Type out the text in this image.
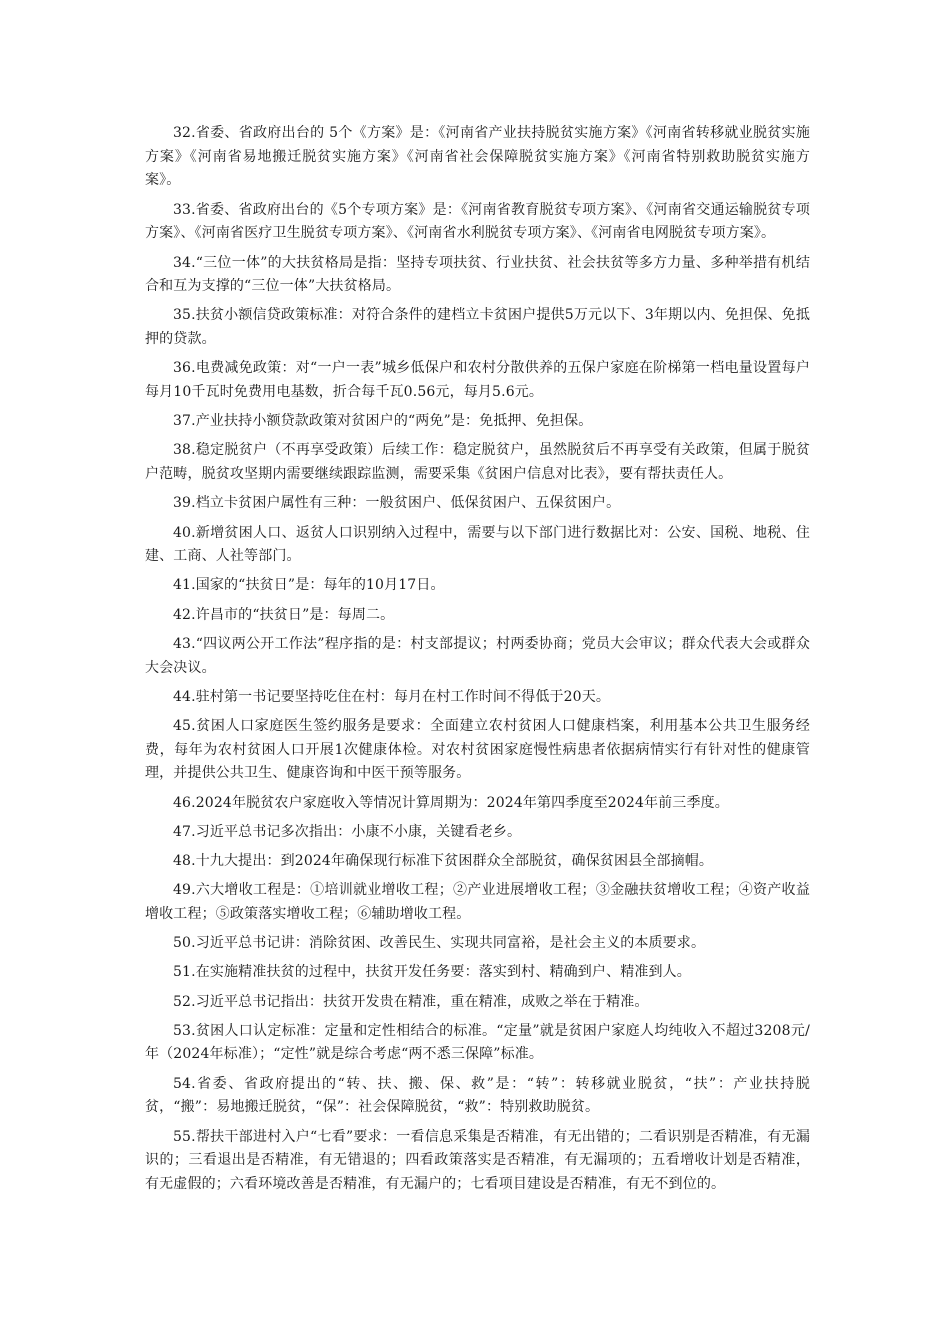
32.省委、省政府出台的 5个《方案》是：《河南省产业扶持脱贫实施方案》《河南省转移就业脱贫实施方案》《河南省易地搬迁脱贫实施方案》《河南省社会保障脱贫实施方案》《河南省特别救助脱贫实施方案》。

33.省委、省政府出台的《5个专项方案》是：《河南省教育脱贫专项方案》、《河南省交通运输脱贫专项方案》、《河南省医疗卫生脱贫专项方案》、《河南省水利脱贫专项方案》、《河南省电网脱贫专项方案》。

34.“三位一体”的大扶贫格局是指：坚持专项扶贫、行业扶贫、社会扶贫等多方力量、多种举措有机结合和互为支撑的“三位一体”大扶贫格局。

35.扶贫小额信贷政策标准：对符合条件的建档立卡贫困户提供5万元以下、3年期以内、免担保、免抵押的贷款。

36.电费减免政策：对“一户一表”城乡低保户和农村分散供养的五保户家庭在阶梯第一档电量设置每户每月10千瓦时免费用电基数，折合每千瓦0.56元，每月5.6元。

37.产业扶持小额贷款政策对贫困户的“两免”是：免抵押、免担保。

38.稳定脱贫户（不再享受政策）后续工作：稳定脱贫户，虽然脱贫后不再享受有关政策，但属于脱贫户范畴，脱贫攻坚期内需要继续跟踪监测，需要采集《贫困户信息对比表》，要有帮扶责任人。

39.档立卡贫困户属性有三种：一般贫困户、低保贫困户、五保贫困户。

40.新增贫困人口、返贫人口识别纳入过程中，需要与以下部门进行数据比对：公安、国税、地税、住建、工商、人社等部门。

41.国家的“扶贫日”是：每年的10月17日。

42.许昌市的“扶贫日”是：每周二。

43.“四议两公开工作法”程序指的是：村支部提议；村两委协商；党员大会审议；群众代表大会或群众大会决议。

44.驻村第一书记要坚持吃住在村：每月在村工作时间不得低于20天。

45.贫困人口家庭医生签约服务是要求：全面建立农村贫困人口健康档案，利用基本公共卫生服务经费，每年为农村贫困人口开展1次健康体检。对农村贫困家庭慢性病患者依据病情实行有针对性的健康管理，并提供公共卫生、健康咨询和中医干预等服务。

46.2024年脱贫农户家庭收入等情况计算周期为：2024年第四季度至2024年前三季度。

47.习近平总书记多次指出：小康不小康，关键看老乡。

48.十九大提出：到2024年确保现行标准下贫困群众全部脱贫，确保贫困县全部摘帽。

49.六大增收工程是：①培训就业增收工程；②产业进展增收工程；③金融扶贫增收工程；④资产收益增收工程；⑤政策落实增收工程；⑥辅助增收工程。

50.习近平总书记讲：消除贫困、改善民生、实现共同富裕，是社会主义的本质要求。

51.在实施精准扶贫的过程中，扶贫开发任务要：落实到村、精确到户、精准到人。

52.习近平总书记指出：扶贫开发贵在精准，重在精准，成败之举在于精准。

53.贫困人口认定标准：定量和定性相结合的标准。“定量”就是贫困户家庭人均纯收入不超过3208元/年（2024年标准）；“定性”就是综合考虑“两不悉三保障”标准。

54.省委、省政府提出的“转、扶、搬、保、救”是：“转”：转移就业脱贫，“扶”：产业扶持脱贫，“搬”：易地搬迁脱贫，“保”：社会保障脱贫，“救”：特别救助脱贫。

55.帮扶干部进村入户“七看”要求：一看信息采集是否精准，有无出错的；二看识别是否精准，有无漏识的；三看退出是否精准，有无错退的；四看政策落实是否精准，有无漏项的；五看增收计划是否精准，有无虚假的；六看环境改善是否精准，有无漏户的；七看项目建设是否精准，有无不到位的。
